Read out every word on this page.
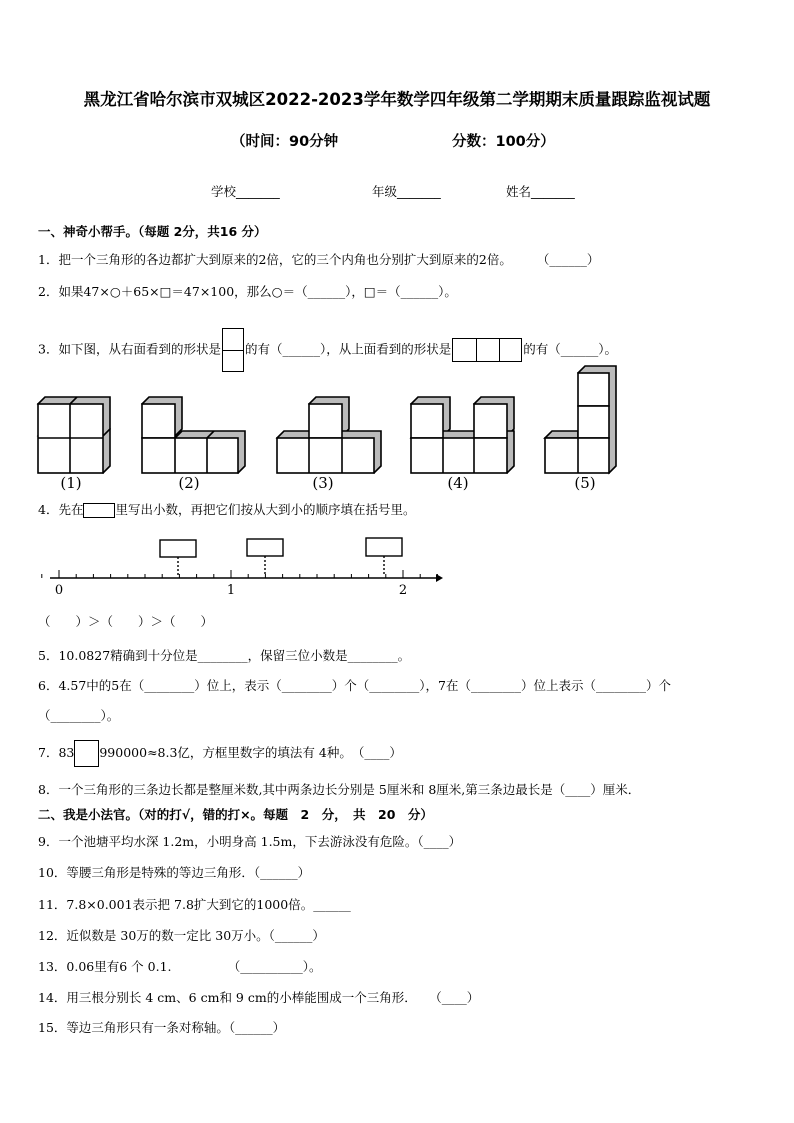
黑龙江省哈尔滨市双城区2022-2023学年数学四年级第二学期期末质量跟踪监视试题
（时间：90分钟	分数：100分）
学校_______	年级_______	姓名_______
一、神奇小帮手。（每题 2分，共16 分）
1．把一个三角形的各边都扩大到原来的2倍，它的三个内角也分别扩大到原来的2倍。　　　（______）
2．如果47×○＋65×□＝47×100，那么○＝（______），□＝（______）。
3．如下图，从右面看到的形状是 的有（______），从上面看到的形状是	的有（______）。
(1)	(2)	(3)	(4)	(5)
4．先在	里写出小数，再把它们按从大到小的顺序填在括号里。
0	1	2
（　　）＞（　　）＞（　　）
5．10.0827精确到十分位是________，保留三位小数是________。
6．4.57中的5在（________）位上，表示（________）个（________），7在（________）位上表示（________）个
（________）。
7．83 990000≈8.3亿，方框里数字的填法有 4种。　（____）
8．一个三角形的三条边长都是整厘米数,其中两条边长分别是 5厘米和 8厘米,第三条边最长是（____）厘米．
二、我是小法官。（对的打√，错的打×。每题　2　分，　共　20　分）
9．一个池塘平均水深 1.2m，小明身高 1.5m，下去游泳没有危险。（____）
10．等腰三角形是特殊的等边三角形．（______）
11．7.8×0.001表示把 7.8扩大到它的1000倍。______
12．近似数是 30万的数一定比 30万小。（______）
13．0.06里有6 个 0.1.　　　　　（__________）。
14．用三根分别长 4 cm、6 cm和 9 cm的小棒能围成一个三角形．　　（____）
15．等边三角形只有一条对称轴。（______）
